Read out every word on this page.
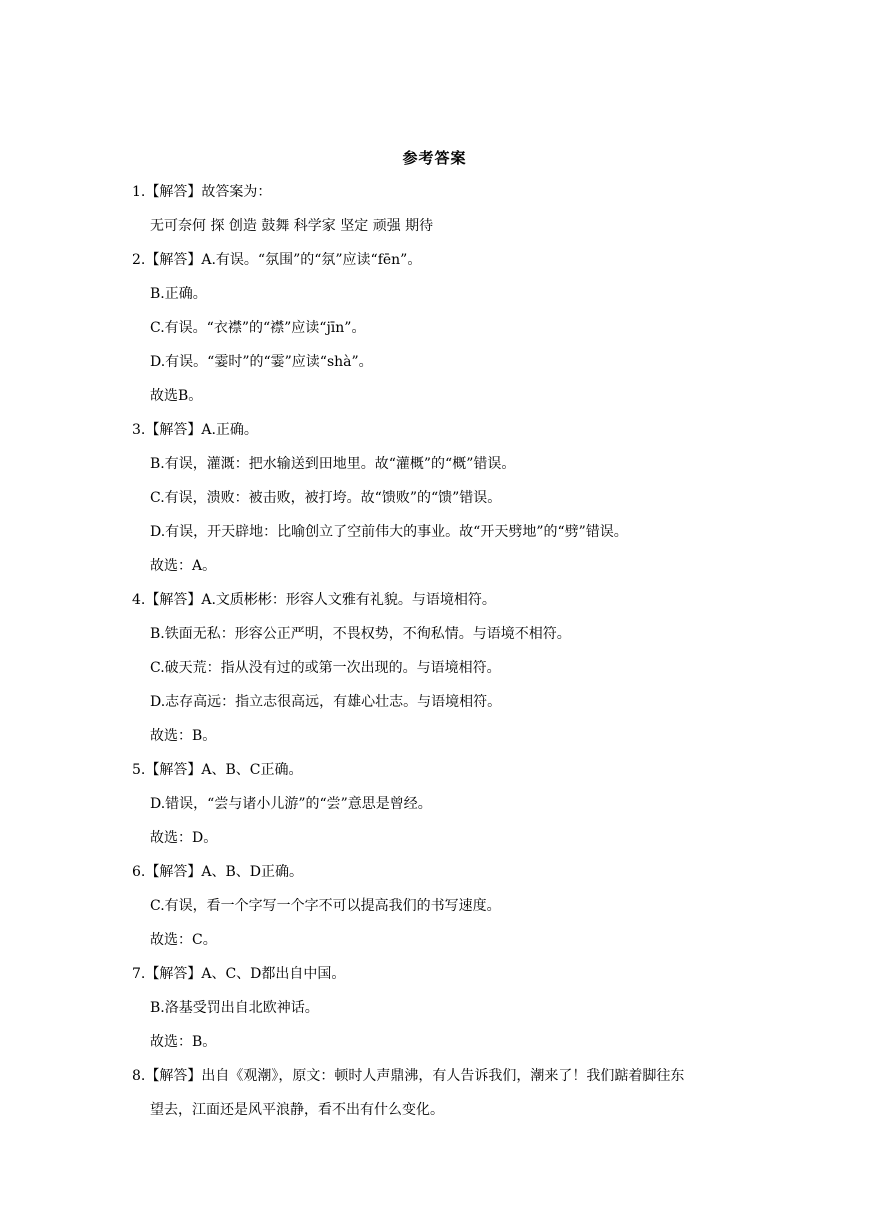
参考答案
1.【解答】故答案为：
无可奈何 探 创造 鼓舞 科学家 坚定 顽强 期待
2.【解答】A.有误。“氛围”的“氛”应读“fēn”。
B.正确。
C.有误。“衣襟”的“襟”应读“jīn”。
D.有误。“霎时”的“霎”应读“shà”。
故选B。
3.【解答】A.正确。
B.有误，灌溉：把水输送到田地里。故“灌概”的“概”错误。
C.有误，溃败：被击败，被打垮。故“馈败”的“馈”错误。
D.有误，开天辟地：比喻创立了空前伟大的事业。故“开天劈地”的“劈”错误。
故选：A。
4.【解答】A.文质彬彬：形容人文雅有礼貌。与语境相符。
B.铁面无私：形容公正严明，不畏权势，不徇私情。与语境不相符。
C.破天荒：指从没有过的或第一次出现的。与语境相符。
D.志存高远：指立志很高远，有雄心壮志。与语境相符。
故选：B。
5.【解答】A、B、C正确。
D.错误，“尝与诸小儿游”的“尝”意思是曾经。
故选：D。
6.【解答】A、B、D正确。
C.有误，看一个字写一个字不可以提高我们的书写速度。
故选：C。
7.【解答】A、C、D都出自中国。
B.洛基受罚出自北欧神话。
故选：B。
8.【解答】出自《观潮》，原文：顿时人声鼎沸，有人告诉我们，潮来了！我们踮着脚往东
望去，江面还是风平浪静，看不出有什么变化。
